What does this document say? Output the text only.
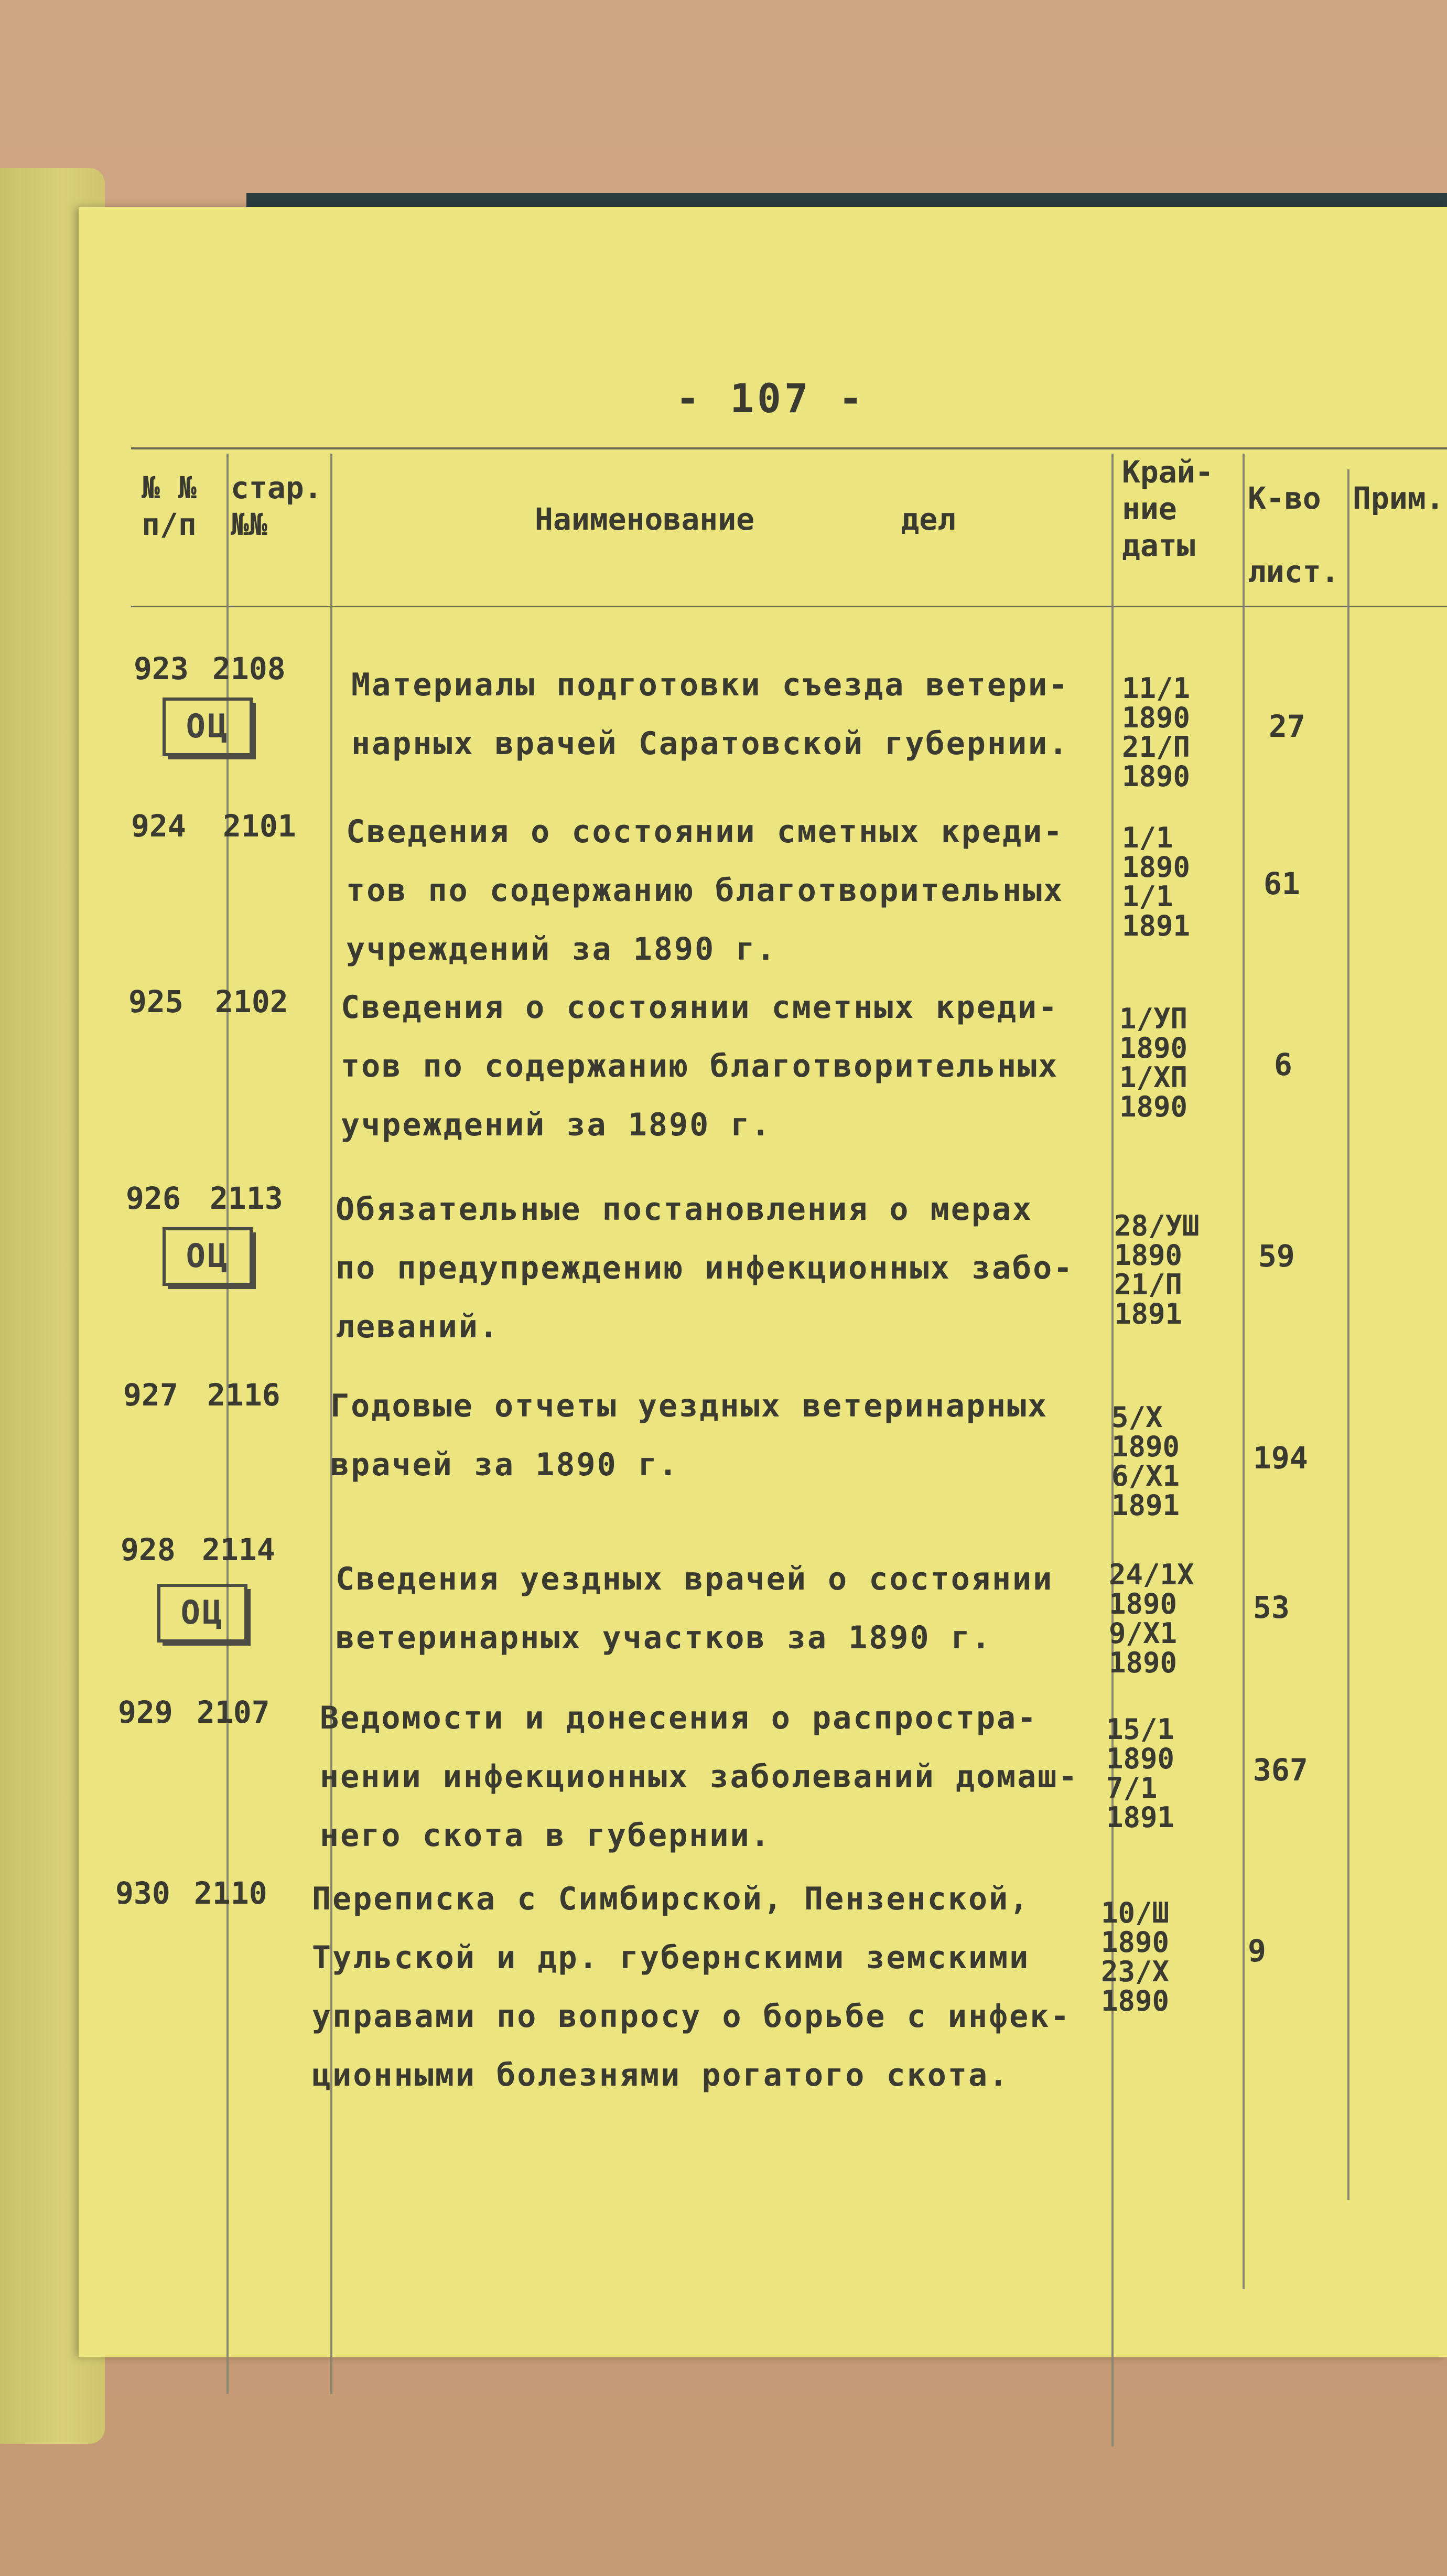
- 107 -
№ №
п/п
стар.
№№	Наименование        дел
Край-
ние
даты
К-во

лист.
Прим.
923 2108
ОЦ
Материалы подготовки съезда ветери-
нарных врачей Саратовской губернии.
11/1
1890
21/П
1890
27
924 2101 Сведения о состоянии сметных креди-
тов по содержанию благотворительных
учреждений за 1890 г.
1/1
1890
1/1
1891
61
925 2102 Сведения о состоянии сметных креди-
тов по содержанию благотворительных
учреждений за 1890 г.
1/УП
1890
1/ХП
1890
6
926 2113
ОЦ
Обязательные постановления о мерах
по предупреждению инфекционных забо-
леваний.
28/УШ
1890
21/П
1891
59
927 2116 Годовые отчеты уездных ветеринарных
врачей за 1890 г.
5/Х
1890
6/Х1
1891
194
928 2114
ОЦ
Сведения уездных врачей о состоянии
ветеринарных участков за 1890 г.
24/1Х
1890
9/Х1
1890
53
929 2107 Ведомости и донесения о распростра-
нении инфекционных заболеваний домаш-
него скота в губернии.
15/1
1890
7/1
1891
367
930 2110 Переписка с Симбирской, Пензенской,
Тульской и др. губернскими земскими
управами по вопросу о борьбе с инфек-
ционными болезнями рогатого скота.
10/Ш
1890
23/Х
1890
9
